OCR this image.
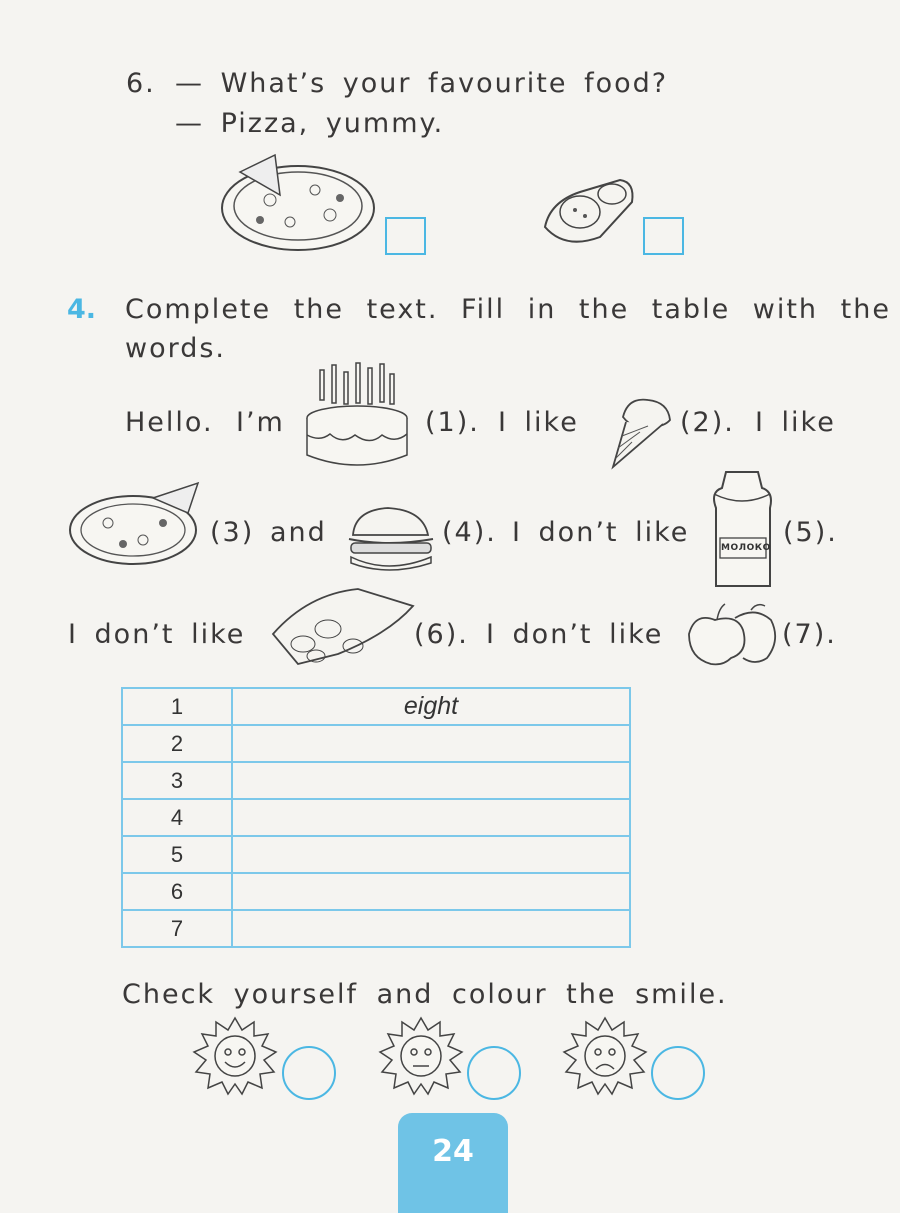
6. — What’s your favourite food?
— Pizza, yummy.
4. Complete the text. Fill in the table with the
words.
Hello. I’m	(1). I like	(2). I like
(3) and	(4). I don’t like	МОЛОКО (5).
I don’t like	(6). I don’t like	(7).
1	eight
2	
3	
4	
5	
6	
7	
Check yourself and colour the smile.
24
